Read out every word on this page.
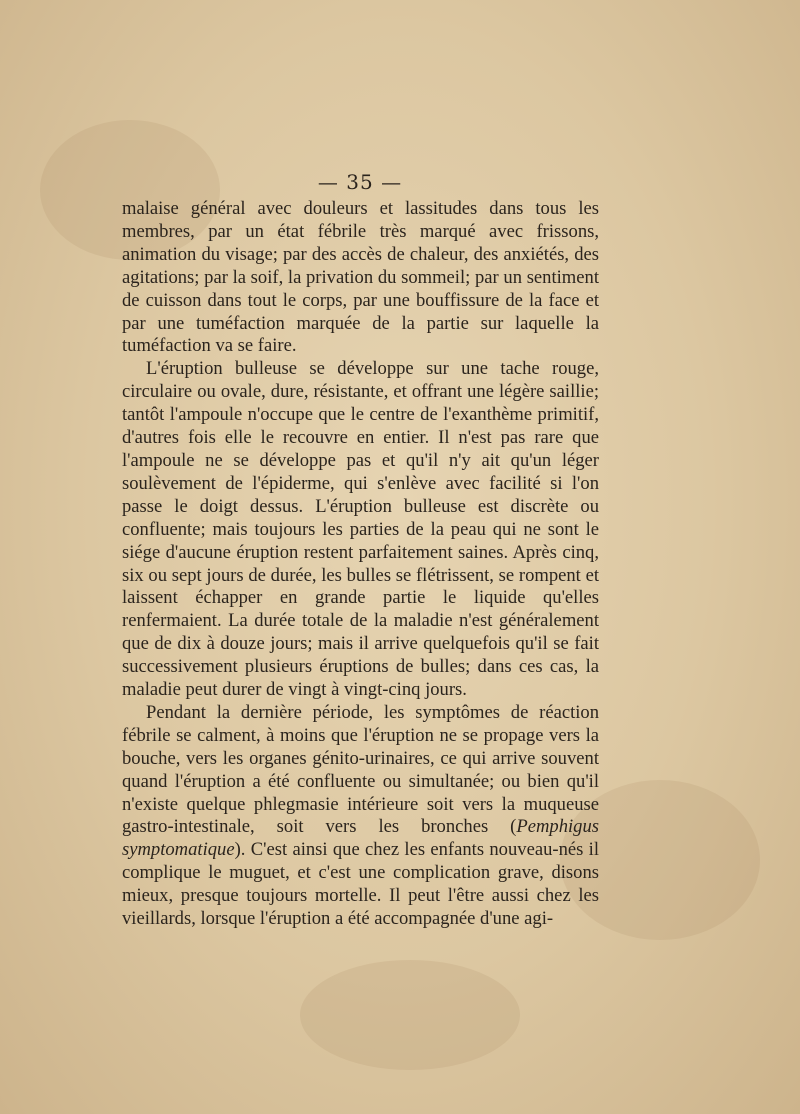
— 35 —

malaise général avec douleurs et lassitudes dans tous les membres, par un état fébrile très marqué avec frissons, animation du visage; par des accès de chaleur, des anxiétés, des agitations; par la soif, la privation du sommeil; par un sentiment de cuisson dans tout le corps, par une bouffissure de la face et par une tuméfaction marquée de la partie sur laquelle la tuméfaction va se faire.

L'éruption bulleuse se développe sur une tache rouge, circulaire ou ovale, dure, résistante, et offrant une légère saillie; tantôt l'ampoule n'occupe que le centre de l'exanthème primitif, d'autres fois elle le recouvre en entier. Il n'est pas rare que l'ampoule ne se développe pas et qu'il n'y ait qu'un léger soulèvement de l'épiderme, qui s'enlève avec facilité si l'on passe le doigt dessus. L'éruption bulleuse est discrète ou confluente; mais toujours les parties de la peau qui ne sont le siége d'aucune éruption restent parfaitement saines. Après cinq, six ou sept jours de durée, les bulles se flétrissent, se rompent et laissent échapper en grande partie le liquide qu'elles renfermaient. La durée totale de la maladie n'est généralement que de dix à douze jours; mais il arrive quelquefois qu'il se fait successivement plusieurs éruptions de bulles; dans ces cas, la maladie peut durer de vingt à vingt-cinq jours.

Pendant la dernière période, les symptômes de réaction fébrile se calment, à moins que l'éruption ne se propage vers la bouche, vers les organes génito-urinaires, ce qui arrive souvent quand l'éruption a été confluente ou simultanée; ou bien qu'il n'existe quelque phlegmasie intérieure soit vers la muqueuse gastro-intestinale, soit vers les bronches (Pemphigus symptomatique). C'est ainsi que chez les enfants nouveau-nés il complique le muguet, et c'est une complication grave, disons mieux, presque toujours mortelle. Il peut l'être aussi chez les vieillards, lorsque l'éruption a été accompagnée d'une agi-
